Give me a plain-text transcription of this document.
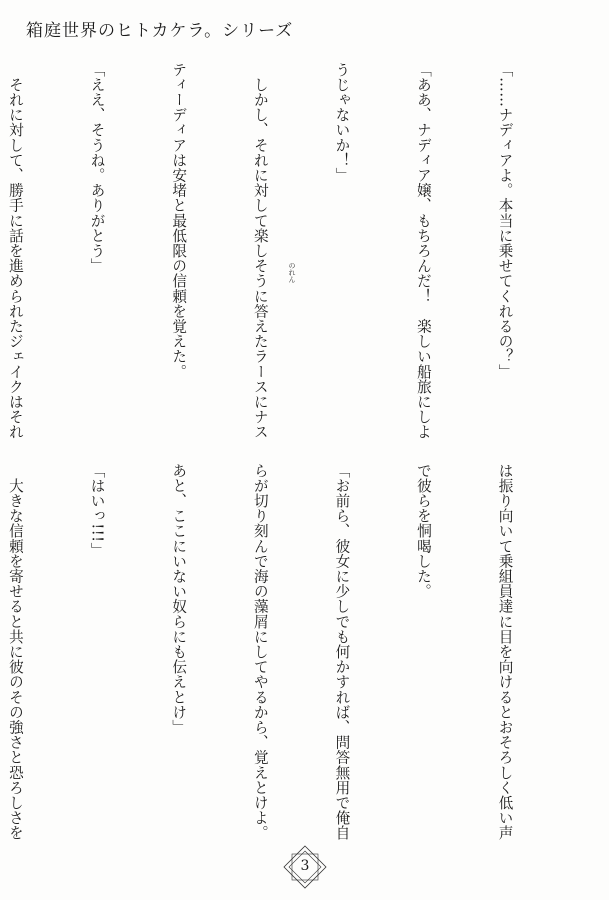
箱庭世界のヒトカケラ。シリーズ

「……ナディアよ。本当に乗せてくれるの？」

「ああ、ナディア嬢、もちろんだ！　楽しい船旅にしよ

うじゃないか！」

　しかし、それに対して楽しそうに答えたラースにナス

ティーディアは安堵と最低限の信頼を覚えた。

「ええ、そうね。ありがとう」

　それに対して、勝手に話を進められたジェイクはそれ

	のれん

は振り向いて乗組員達に目を向けるとおそろしく低い声

で彼らを恫喝した。

「お前ら、彼女に少しでも何かすれば、問答無用で俺自

らが切り刻んで海の藻屑にしてやるから、覚えとけよ。

あと、ここにいない奴らにも伝えとけ」

「はいっ!!!」

　大きな信頼を寄せると共に彼のその強さと恐ろしさを

3
